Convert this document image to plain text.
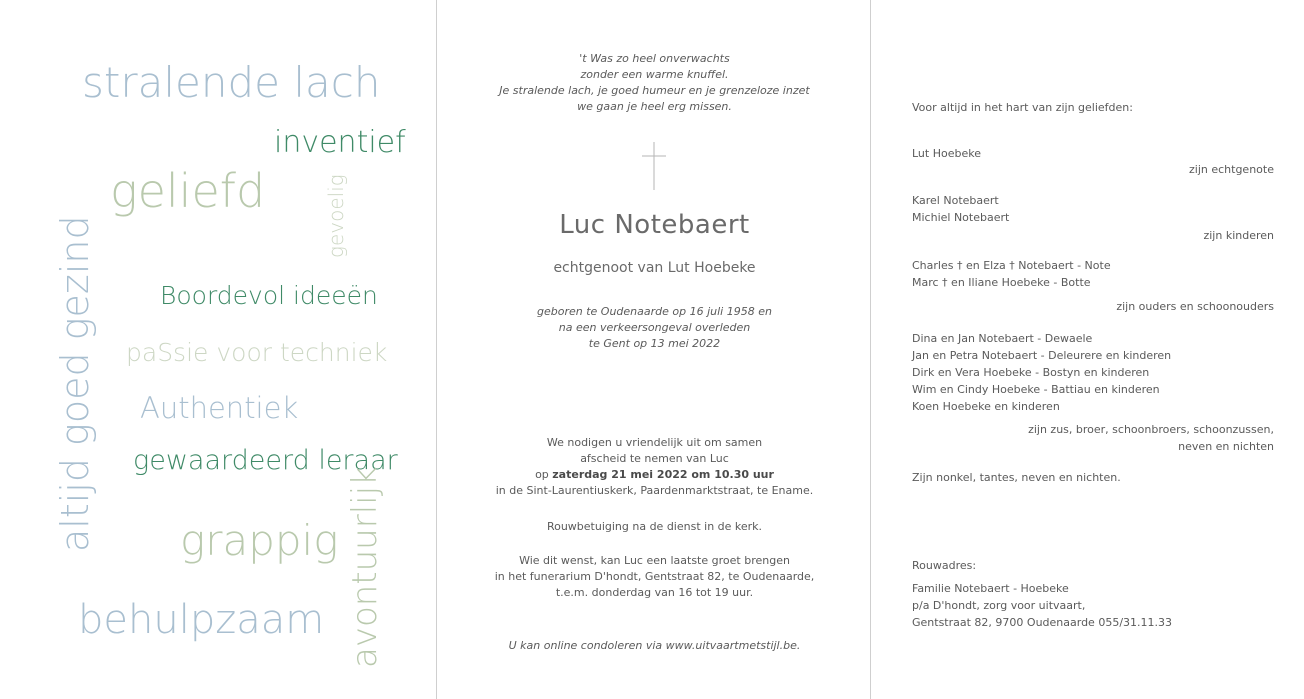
stralende lach
inventief
geliefd	gevoelig
altijd goed gezind	Boordevol ideeën
paSsie voor techniek
Authentiek
gewaardeerd leraar
grappig avontuurlijk
behulpzaam
't Was zo heel onverwachts
zonder een warme knuffel.
Je stralende lach, je goed humeur en je grenzeloze inzet
we gaan je heel erg missen.
Luc Notebaert
echtgenoot van Lut Hoebeke
geboren te Oudenaarde op 16 juli 1958 en
na een verkeersongeval overleden
te Gent op 13 mei 2022
We nodigen u vriendelijk uit om samen
afscheid te nemen van Luc
op zaterdag 21 mei 2022 om 10.30 uur
in de Sint-Laurentiuskerk, Paardenmarktstraat, te Ename.
Rouwbetuiging na de dienst in de kerk.
Wie dit wenst, kan Luc een laatste groet brengen
in het funerarium D'hondt, Gentstraat 82, te Oudenaarde,
t.e.m. donderdag van 16 tot 19 uur.
U kan online condoleren via www.uitvaartmetstijl.be.
Voor altijd in het hart van zijn geliefden:
Lut Hoebeke
zijn echtgenote
Karel Notebaert
Michiel Notebaert
zijn kinderen
Charles † en Elza † Notebaert - Note
Marc † en Iliane Hoebeke - Botte
zijn ouders en schoonouders
Dina en Jan Notebaert - Dewaele
Jan en Petra Notebaert - Deleurere en kinderen
Dirk en Vera Hoebeke - Bostyn en kinderen
Wim en Cindy Hoebeke - Battiau en kinderen
Koen Hoebeke en kinderen
zijn zus, broer, schoonbroers, schoonzussen,
neven en nichten
Zijn nonkel, tantes, neven en nichten.
Rouwadres:
Familie Notebaert - Hoebeke
p/a D'hondt, zorg voor uitvaart,
Gentstraat 82, 9700 Oudenaarde 055/31.11.33
